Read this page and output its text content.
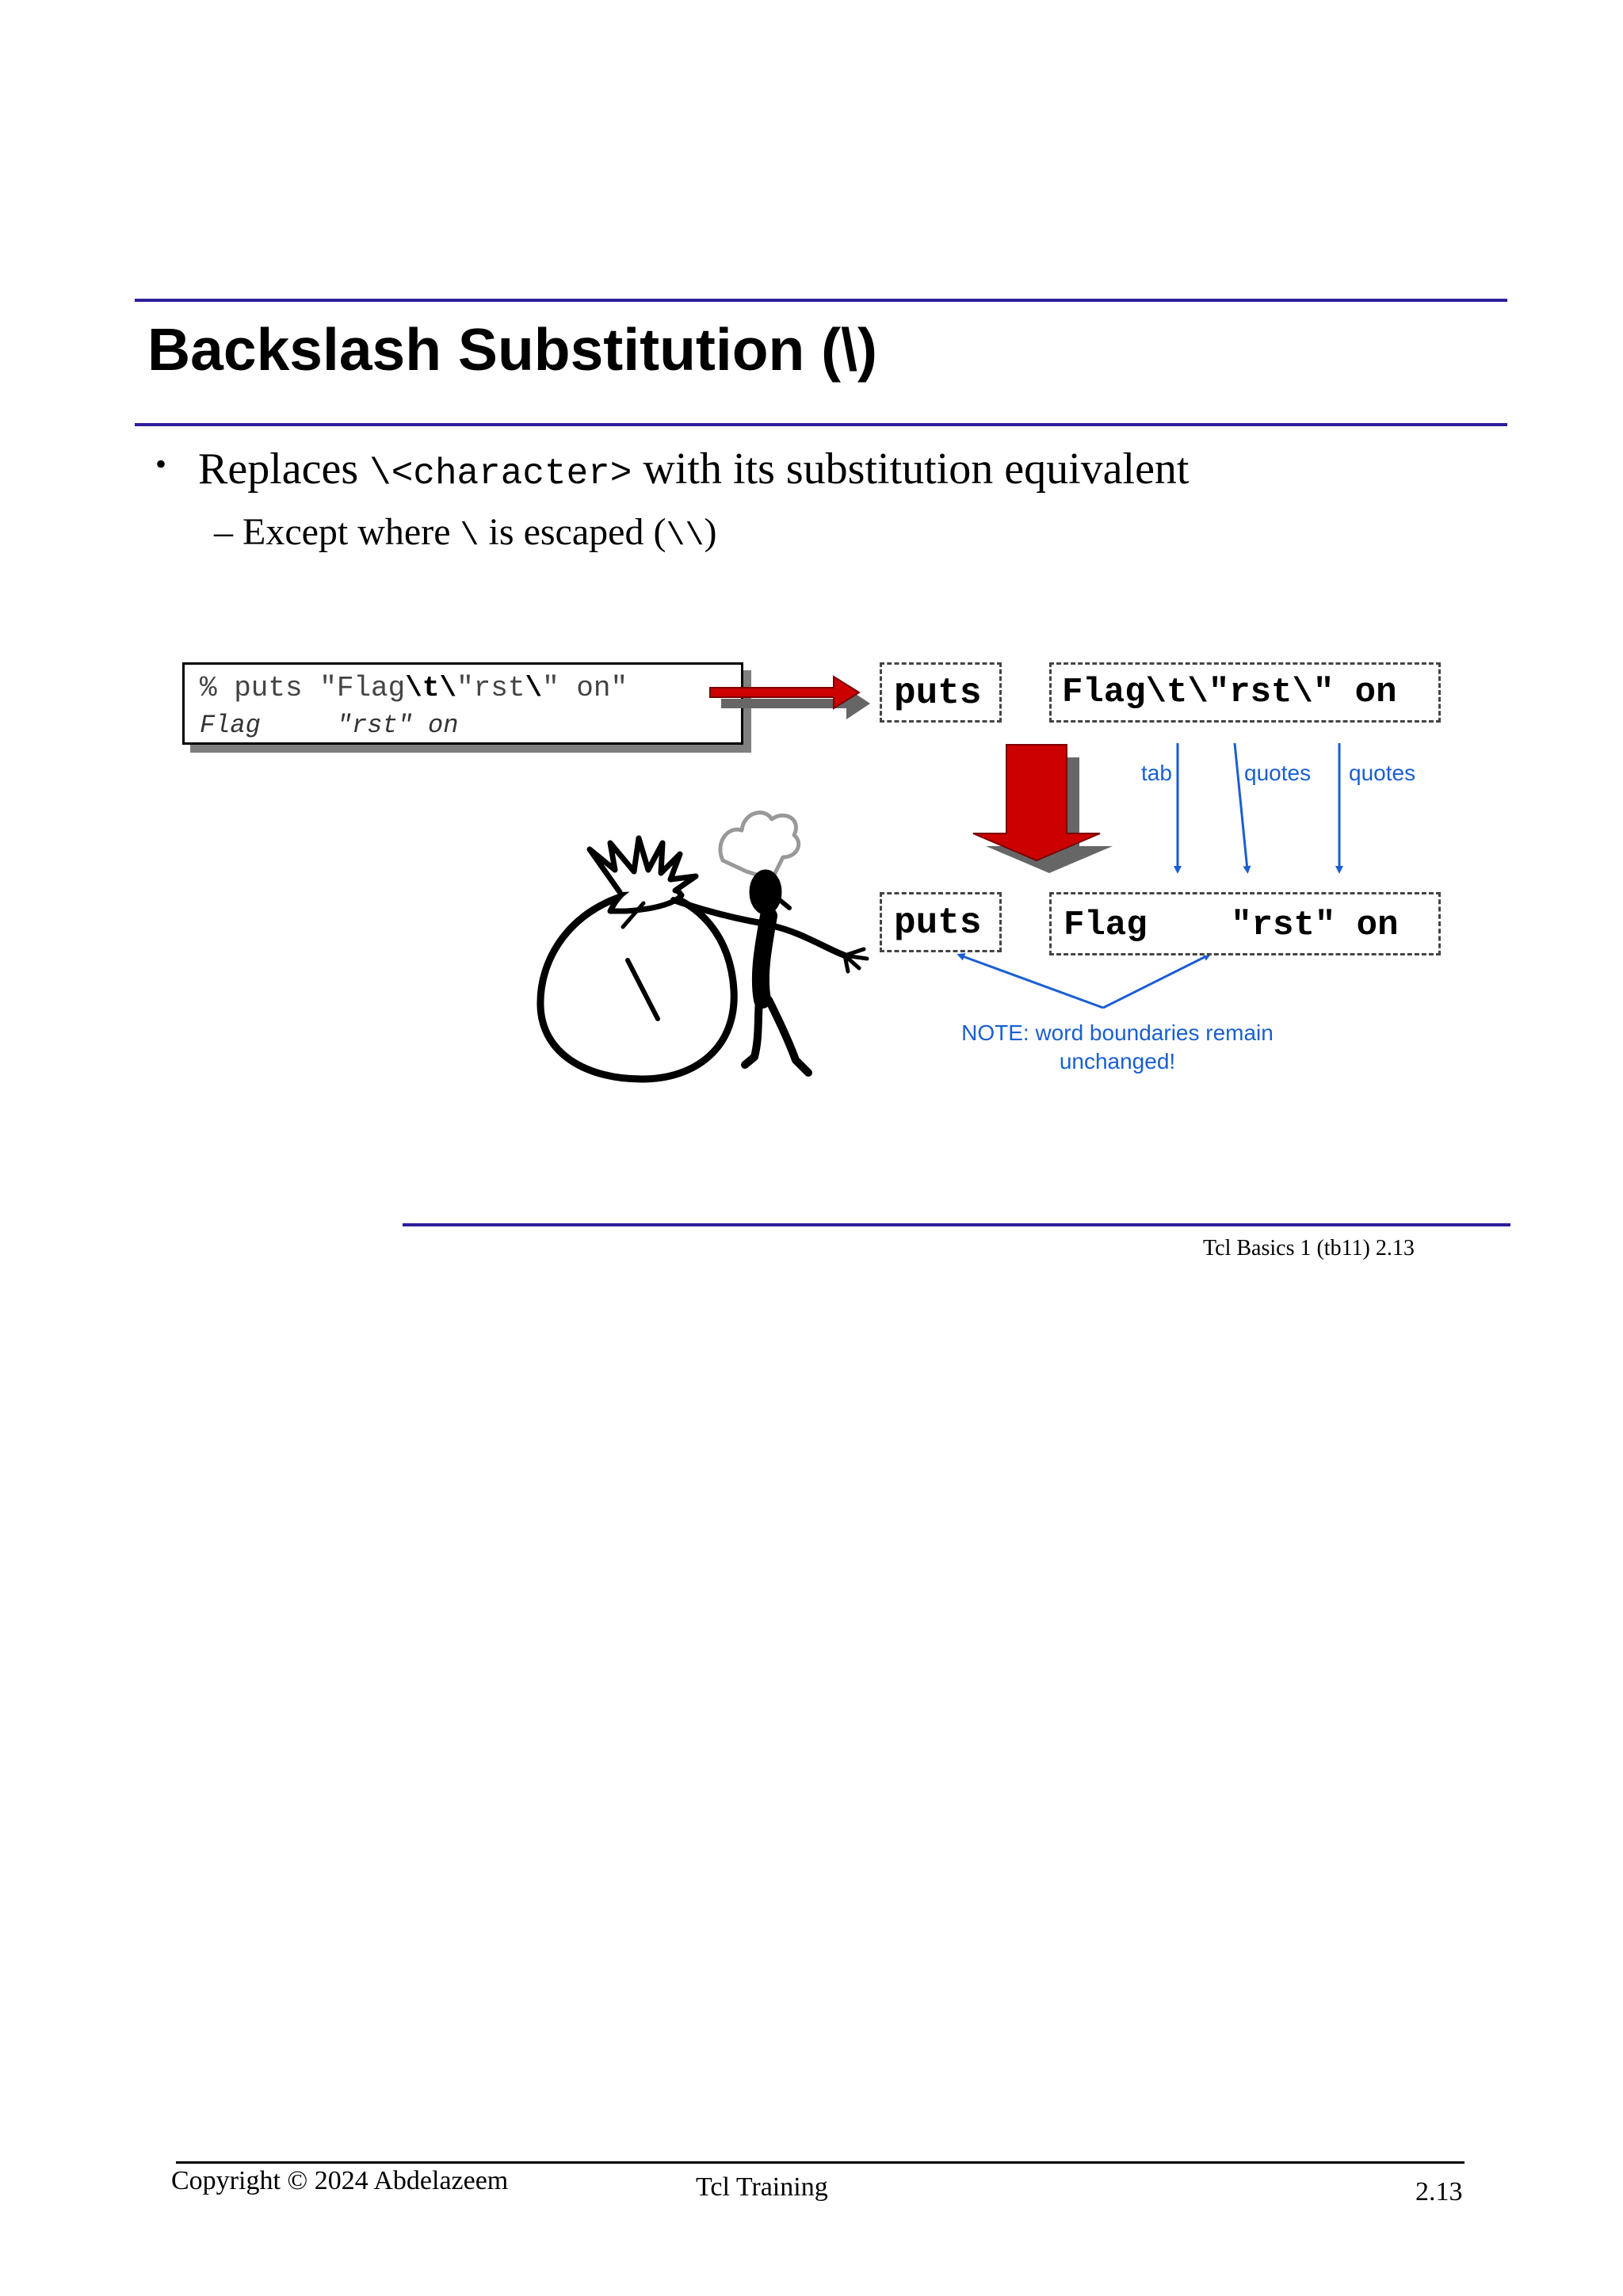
Backslash Substitution (\)
• Replaces \<character> with its substitution equivalent
– Except where \ is escaped (\\)
% puts "Flag\t\"rst\" on"
Flag     "rst" on
puts Flag\t\"rst\" on
tab	quotes quotes
puts Flag    "rst" on
NOTE: word boundaries remain unchanged!
Tcl Basics 1 (tb11) 2.13
Copyright © 2024 Abdelazeem	Tcl Training	2.13
